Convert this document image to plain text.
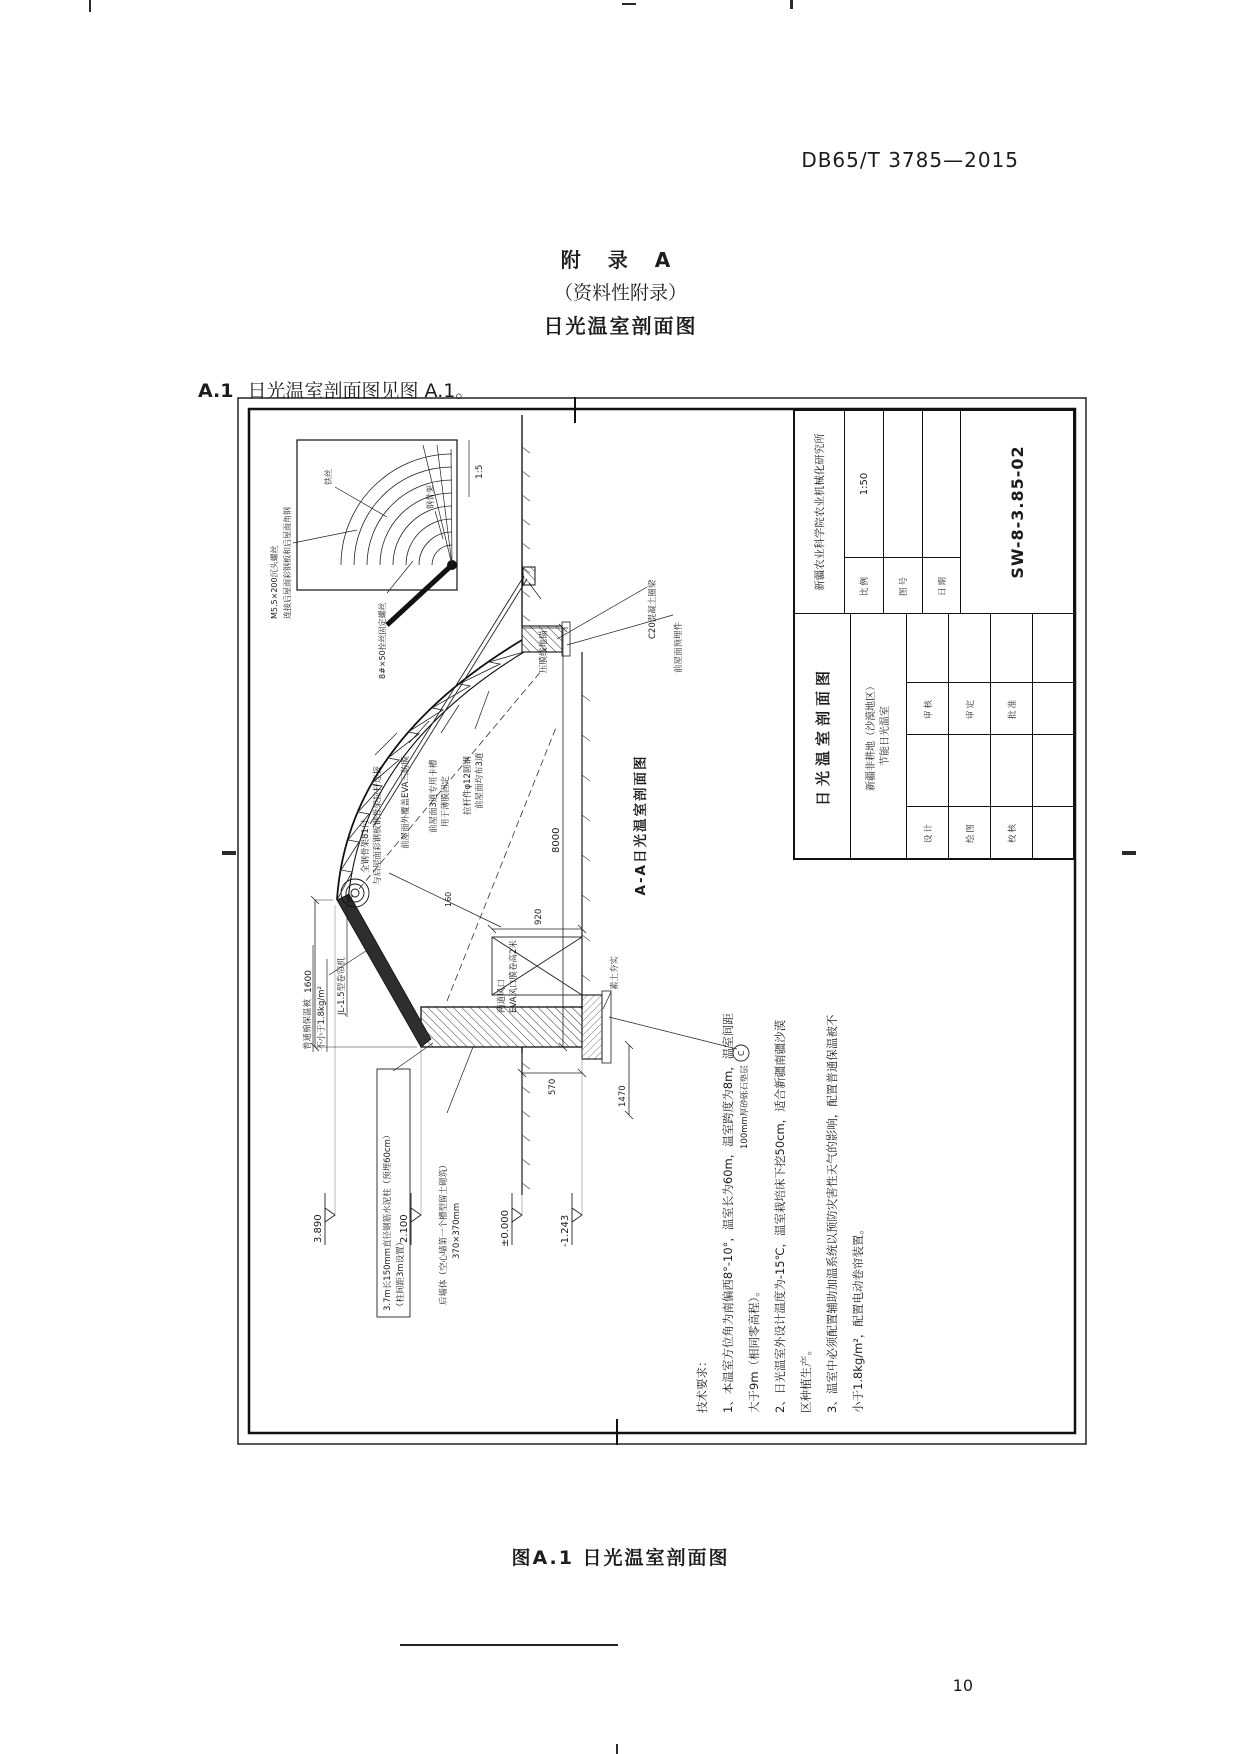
DB65/T 3785—2015
附 录 A
（资料性附录）
日光温室剖面图
A.1 日光温室剖面图见图 A.1。
3.890	2.100	±0.000	-1.243
8000
1600
570
920
1470
160
普通棉保温被 不小于1.8kg/m² JL-1.5型卷帘机
全钢骨架81付 与后屋面彩钢板钢骨架拉杆连接 前屋面外覆盖EVA三防膜 前屋面3道专用卡槽 用于薄膜固定 拉杆件φ12圆钢 前屋面均布3道
两道风口 EVA风口膜卷高2米
后墙体（空心墙第一个槽型留土砌筑） 370×370mm
压膜线地锚
C20混凝土圈梁
前屋面预埋件
100mm厚砂砾石垫层
素土夯实
C
3.7m长150mm直径钢筋水泥柱（预埋60cm） （柱间距3m设置）
A-A日光温室剖面图
M5.5×200沉头螺丝 连接后屋面彩钢板和后屋面角钢
铁丝
8#×50拴丝固定螺丝
钢骨架
1:5
技术要求：	1、本温室方位角为南偏西8°-10°，温室长为60m，温室跨度为8m，温室间距	大于9m（相同零高程）。	2、日光温室外设计温度为-15℃，温室栽培床下挖50cm，适合新疆南疆沙漠	区种植生产。	3、温室中必须配置辅助加温系统以预防灾害性天气的影响，配置普通保温被不	小于1.8kg/m²，配置电动卷帘装置。
日光温室剖面图	新疆非耕地（沙漠地区） 节能日光温室
设计
审核
绘图
审定
校核
批准
新疆农业科学院农业机械化研究所	比例
1:50
图号	日期
SW-8-3.85-02
图A.1 日光温室剖面图
10
